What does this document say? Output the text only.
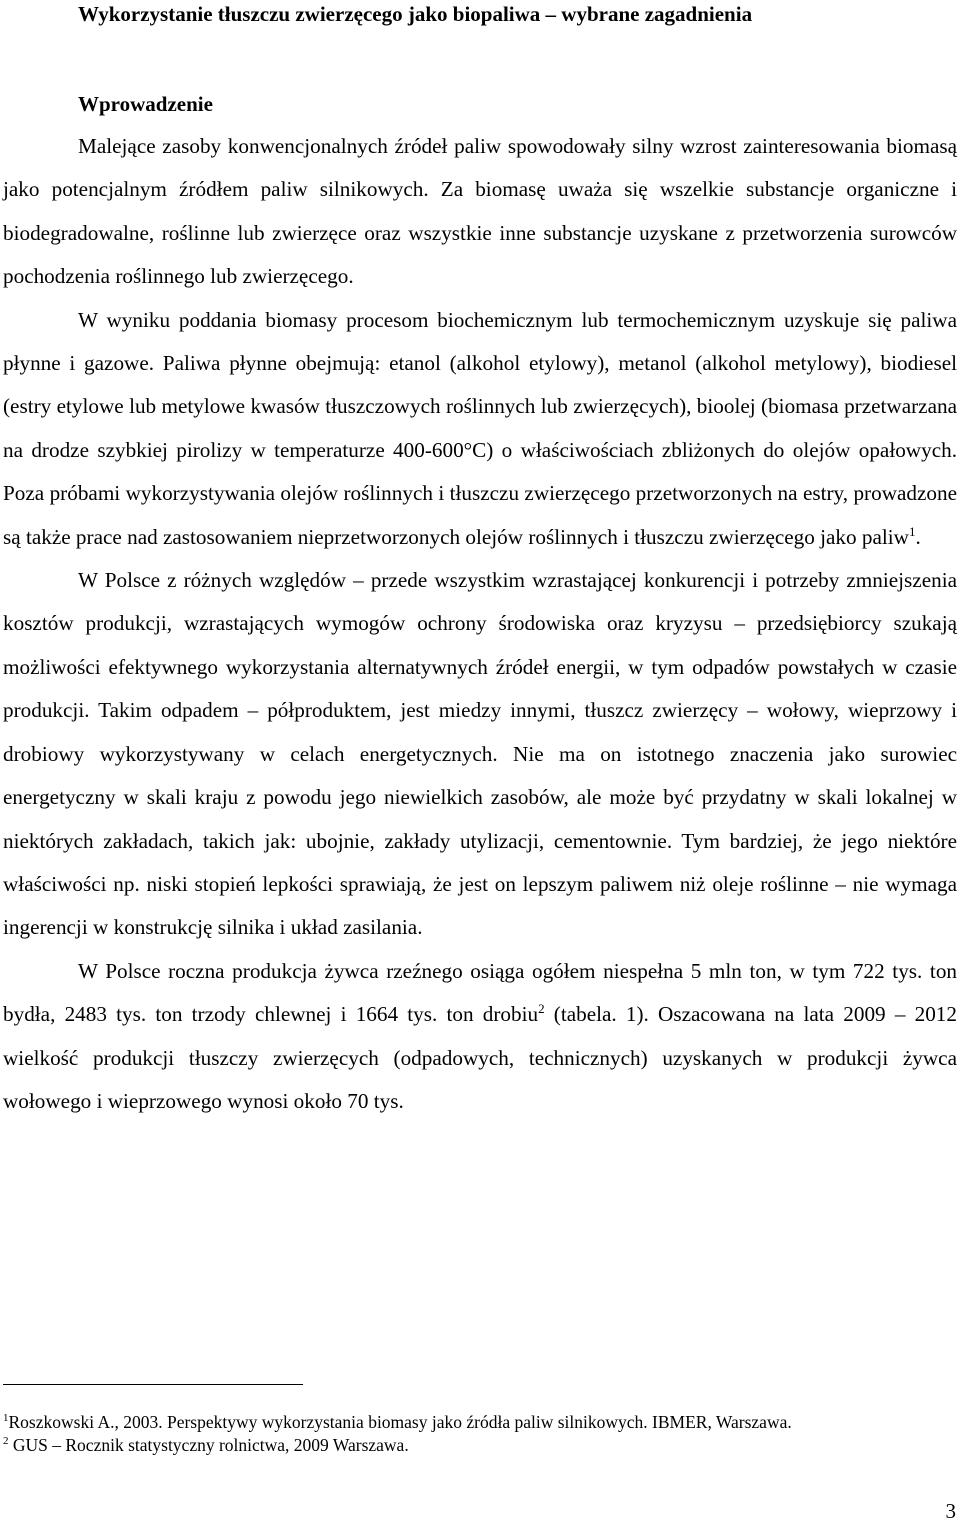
Wykorzystanie tłuszczu zwierzęcego jako biopaliwa – wybrane zagadnienia
Wprowadzenie

Malejące zasoby konwencjonalnych źródeł paliw spowodowały silny wzrost zainteresowania biomasą jako potencjalnym źródłem paliw silnikowych. Za biomasę uważa się wszelkie substancje organiczne i biodegradowalne, roślinne lub zwierzęce oraz wszystkie inne substancje uzyskane z przetworzenia surowców pochodzenia roślinnego lub zwierzęcego.

W wyniku poddania biomasy procesom biochemicznym lub termochemicznym uzyskuje się paliwa płynne i gazowe. Paliwa płynne obejmują: etanol (alkohol etylowy), metanol (alkohol metylowy), biodiesel (estry etylowe lub metylowe kwasów tłuszczowych roślinnych lub zwierzęcych), bioolej (biomasa przetwarzana na drodze szybkiej pirolizy w temperaturze 400-600°C) o właściwościach zbliżonych do olejów opałowych. Poza próbami wykorzystywania olejów roślinnych i tłuszczu zwierzęcego przetworzonych na estry, prowadzone są także prace nad zastosowaniem nieprzetworzonych olejów roślinnych i tłuszczu zwierzęcego jako paliw$^1$.

W Polsce z różnych względów – przede wszystkim wzrastającej konkurencji i potrzeby zmniejszenia kosztów produkcji, wzrastających wymogów ochrony środowiska oraz kryzysu – przedsiębiorcy szukają możliwości efektywnego wykorzystania alternatywnych źródeł energii, w tym odpadów powstałych w czasie produkcji. Takim odpadem – półproduktem, jest miedzy innymi, tłuszcz zwierzęcy – wołowy, wieprzowy i drobiowy wykorzystywany w celach energetycznych. Nie ma on istotnego znaczenia jako surowiec energetyczny w skali kraju z powodu jego niewielkich zasobów, ale może być przydatny w skali lokalnej w niektórych zakładach, takich jak: ubojnie, zakłady utylizacji, cementownie. Tym bardziej, że jego niektóre właściwości np. niski stopień lepkości sprawiają, że jest on lepszym paliwem niż oleje roślinne – nie wymaga ingerencji w konstrukcję silnika i układ zasilania.

W Polsce roczna produkcja żywca rzeźnego osiąga ogółem niespełna 5 mln ton, w tym 722 tys. ton bydła, 2483 tys. ton trzody chlewnej i 1664 tys. ton drobiu$^2$ (tabela. 1). Oszacowana na lata 2009 – 2012 wielkość produkcji tłuszczy zwierzęcych (odpadowych, technicznych) uzyskanych w produkcji żywca wołowego i wieprzowego wynosi około 70 tys.

$^1$Roszkowski A., 2003. Perspektywy wykorzystania biomasy jako źródła paliw silnikowych. IBMER, Warszawa.

$^2$ GUS – Rocznik statystyczny rolnictwa, 2009 Warszawa.

3
